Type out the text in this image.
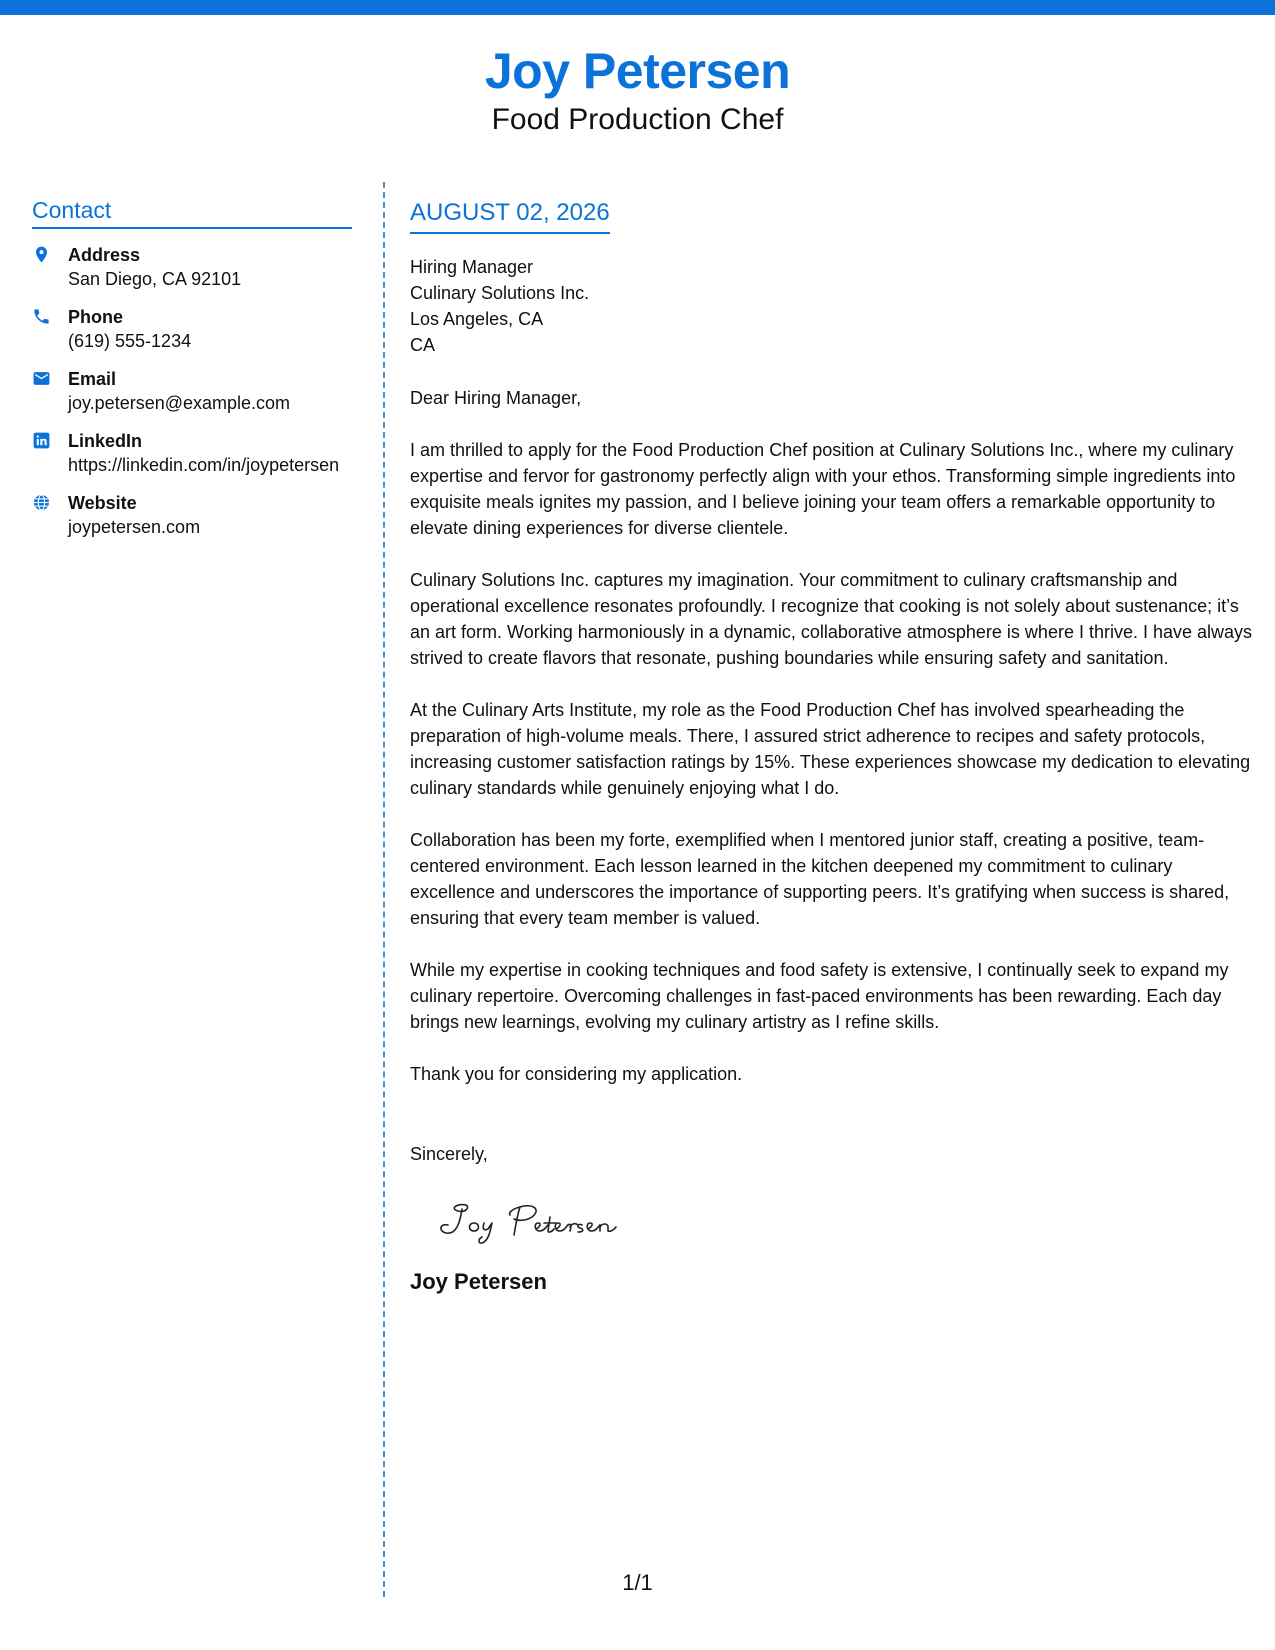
Joy Petersen
Food Production Chef
Contact
Address
San Diego, CA 92101
Phone
(619) 555-1234
Email
joy.petersen@example.com
LinkedIn
https://linkedin.com/in/joypetersen
Website
joypetersen.com
AUGUST 02, 2026
Hiring Manager
Culinary Solutions Inc.
Los Angeles, CA
CA
Dear Hiring Manager,
I am thrilled to apply for the Food Production Chef position at Culinary Solutions Inc., where my culinary expertise and fervor for gastronomy perfectly align with your ethos. Transforming simple ingredients into exquisite meals ignites my passion, and I believe joining your team offers a remarkable opportunity to elevate dining experiences for diverse clientele.
Culinary Solutions Inc. captures my imagination. Your commitment to culinary craftsmanship and operational excellence resonates profoundly. I recognize that cooking is not solely about sustenance; it’s an art form. Working harmoniously in a dynamic, collaborative atmosphere is where I thrive. I have always strived to create flavors that resonate, pushing boundaries while ensuring safety and sanitation.
At the Culinary Arts Institute, my role as the Food Production Chef has involved spearheading the preparation of high-volume meals. There, I assured strict adherence to recipes and safety protocols, increasing customer satisfaction ratings by 15%. These experiences showcase my dedication to elevating culinary standards while genuinely enjoying what I do.
Collaboration has been my forte, exemplified when I mentored junior staff, creating a positive, team-centered environment. Each lesson learned in the kitchen deepened my commitment to culinary excellence and underscores the importance of supporting peers. It’s gratifying when success is shared, ensuring that every team member is valued.
While my expertise in cooking techniques and food safety is extensive, I continually seek to expand my culinary repertoire. Overcoming challenges in fast-paced environments has been rewarding. Each day brings new learnings, evolving my culinary artistry as I refine skills.
Thank you for considering my application.
Sincerely,
Joy Petersen
1/1
